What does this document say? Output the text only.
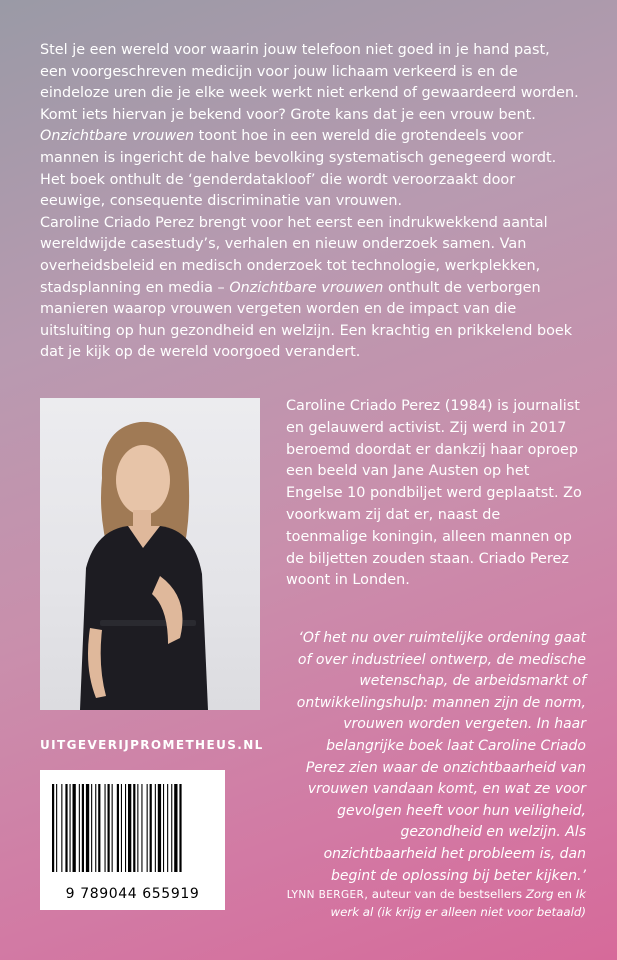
Stel je een wereld voor waarin jouw telefoon niet goed in je hand past, een voorgeschreven medicijn voor jouw lichaam verkeerd is en de eindeloze uren die je elke week werkt niet erkend of gewaardeerd worden. Komt iets hiervan je bekend voor? Grote kans dat je een vrouw bent.

Onzichtbare vrouwen toont hoe in een wereld die grotendeels voor mannen is ingericht de halve bevolking systematisch genegeerd wordt. Het boek onthult de ‘genderdatakloof’ die wordt veroorzaakt door eeuwige, consequente discriminatie van vrouwen.

Caroline Criado Perez brengt voor het eerst een indrukwekkend aantal wereldwijde casestudy’s, verhalen en nieuw onderzoek samen. Van overheidsbeleid en medisch onderzoek tot technologie, werkplekken, stadsplanning en media – Onzichtbare vrouwen onthult de verborgen manieren waarop vrouwen vergeten worden en de impact van die uitsluiting op hun gezondheid en welzijn. Een krachtig en prikkelend boek dat je kijk op de wereld voorgoed verandert.

UITGEVERIJPROMETHEUS.NL
9 789044 655919

Caroline Criado Perez (1984) is journalist en gelauwerd activist. Zij werd in 2017 beroemd doordat er dankzij haar oproep een beeld van Jane Austen op het Engelse 10 pondbiljet werd geplaatst. Zo voorkwam zij dat er, naast de toenmalige koningin, alleen mannen op de biljetten zouden staan. Criado Perez woont in Londen.

‘Of het nu over ruimtelijke ordening gaat of over industrieel ontwerp, de medische wetenschap, de arbeidsmarkt of ontwikkelingshulp: mannen zijn de norm, vrouwen worden vergeten. In haar belangrijke boek laat Caroline Criado Perez zien waar de onzichtbaarheid van vrouwen vandaan komt, en wat ze voor gevolgen heeft voor hun veiligheid, gezondheid en welzijn. Als onzichtbaarheid het probleem is, dan begint de oplossing bij beter kijken.’

LYNN BERGER, auteur van de bestsellers Zorg en Ik werk al (ik krijg er alleen niet voor betaald)
